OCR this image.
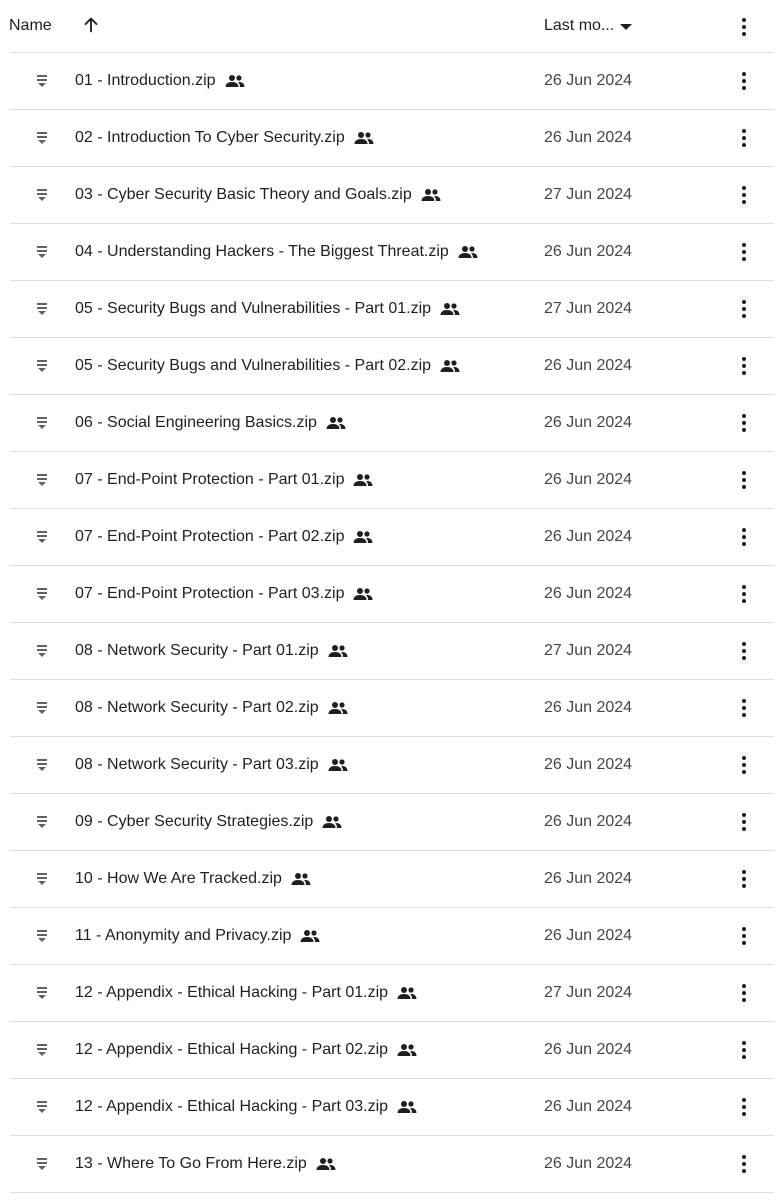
Name	Last mo...
01 - Introduction.zip	26 Jun 2024
02 - Introduction To Cyber Security.zip	26 Jun 2024
03 - Cyber Security Basic Theory and Goals.zip	27 Jun 2024
04 - Understanding Hackers - The Biggest Threat.zip	26 Jun 2024
05 - Security Bugs and Vulnerabilities - Part 01.zip	27 Jun 2024
05 - Security Bugs and Vulnerabilities - Part 02.zip	26 Jun 2024
06 - Social Engineering Basics.zip	26 Jun 2024
07 - End-Point Protection - Part 01.zip	26 Jun 2024
07 - End-Point Protection - Part 02.zip	26 Jun 2024
07 - End-Point Protection - Part 03.zip	26 Jun 2024
08 - Network Security - Part 01.zip	27 Jun 2024
08 - Network Security - Part 02.zip	26 Jun 2024
08 - Network Security - Part 03.zip	26 Jun 2024
09 - Cyber Security Strategies.zip	26 Jun 2024
10 - How We Are Tracked.zip	26 Jun 2024
11 - Anonymity and Privacy.zip	26 Jun 2024
12 - Appendix - Ethical Hacking - Part 01.zip	27 Jun 2024
12 - Appendix - Ethical Hacking - Part 02.zip	26 Jun 2024
12 - Appendix - Ethical Hacking - Part 03.zip	26 Jun 2024
13 - Where To Go From Here.zip	26 Jun 2024
